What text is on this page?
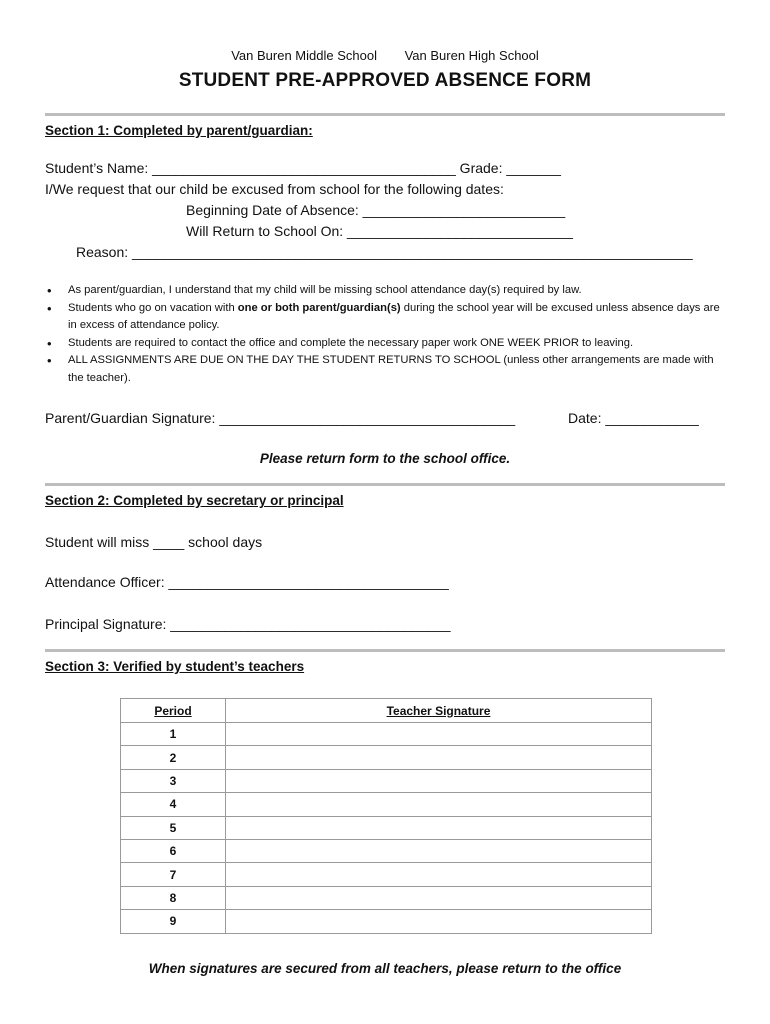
Van Buren Middle School Van Buren High School
STUDENT PRE-APPROVED ABSENCE FORM
Section 1: Completed by parent/guardian:
Student’s Name: _______________________________________ Grade: _______
I/We request that our child be excused from school for the following dates:
Beginning Date of Absence: __________________________
Will Return to School On: _____________________________
Reason: ________________________________________________________________________
• As parent/guardian, I understand that my child will be missing school attendance day(s) required by law.
• Students who go on vacation with one or both parent/guardian(s) during the school year will be excused unless absence days are in excess of attendance policy.
• Students are required to contact the office and complete the necessary paper work ONE WEEK PRIOR to leaving.
• ALL ASSIGNMENTS ARE DUE ON THE DAY THE STUDENT RETURNS TO SCHOOL (unless other arrangements are made with the teacher).
Parent/Guardian Signature: ______________________________________	Date: ____________
Please return form to the school office.
Section 2: Completed by secretary or principal
Student will miss ____ school days
Attendance Officer: ____________________________________
Principal Signature: ____________________________________
Section 3: Verified by student’s teachers
Period	Teacher Signature
1	
2	
3	
4	
5	
6	
7	
8	
9	
When signatures are secured from all teachers, please return to the office
